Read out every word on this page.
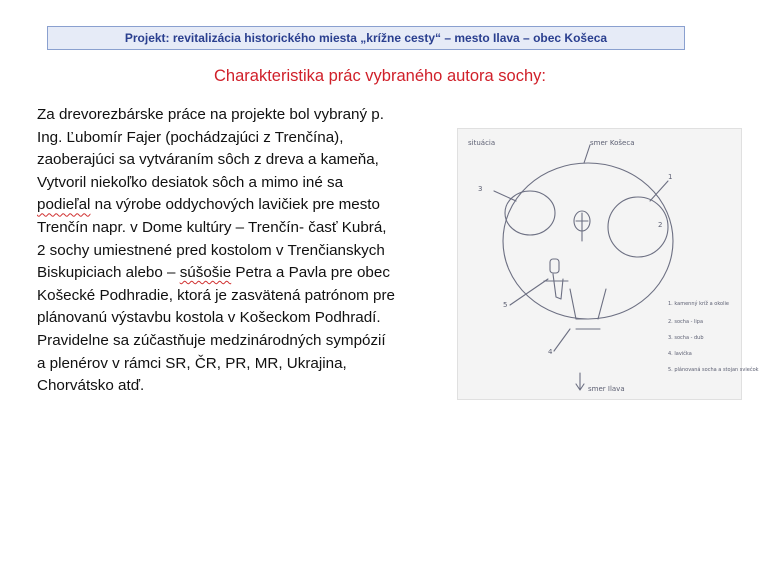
Projekt: revitalizácia historického miesta „krížne cesty“ – mesto Ilava – obec Košeca
Charakteristika prác vybraného autora sochy:
Za drevorezbárske práce na projekte bol vybraný p.
Ing. Ľubomír Fajer (pochádzajúci z Trenčína),
zaoberajúci sa vytváraním sôch z dreva a kameňa,
Vytvoril niekoľko desiatok sôch a mimo iné sa
podieľal na výrobe oddychových lavičiek pre mesto
Trenčín napr. v Dome kultúry – Trenčín- časť Kubrá,
2 sochy umiestnené pred kostolom v Trenčianskych
Biskupiciach alebo – súšošie Petra a Pavla pre obec
Košecké Podhradie, ktorá je zasvätená patrónom pre
plánovanú výstavbu kostola v Košeckom Podhradí.
Pravidelne sa zúčastňuje medzinárodných sympózií
a plenérov v rámci SR, ČR, PR, MR, Ukrajina,
Chorvátsko atď.
situácia	smer Košeca
smer Ilava
1
3
5
4
2
1. kamenný kríž a okolie
2. socha - lipa
3. socha - dub
4. lavička
5. plánovaná socha a stojan sviečok
